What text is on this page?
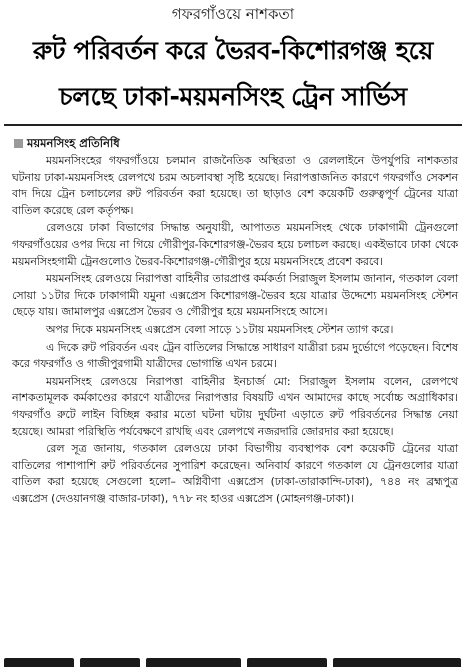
গফরগাঁওয়ে নাশকতা
রুট পরিবর্তন করে ভৈরব-কিশোরগঞ্জ হয়ে
চলছে ঢাকা-ময়মনসিংহ ট্রেন সার্ভিস
ময়মনসিংহ প্রতিনিধি

ময়মনসিংহের গফরগাঁওয়ে চলমান রাজনৈতিক অস্থিরতা ও রেললাইনে উপর্যুপরি নাশকতার ঘটনায় ঢাকা-ময়মনসিংহ রেলপথে চরম অচলাবস্থা সৃষ্টি হয়েছে। নিরাপত্তাজনিত কারণে গফরগাঁও সেকশন বাদ দিয়ে ট্রেন চলাচলের রুট পরিবর্তন করা হয়েছে। তা ছাড়াও বেশ কয়েকটি গুরুত্বপূর্ণ ট্রেনের যাত্রা বাতিল করেছে রেল কর্তৃপক্ষ।

রেলওয়ে ঢাকা বিভাগের সিদ্ধান্ত অনুযায়ী, আপাতত ময়মনসিংহ থেকে ঢাকাগামী ট্রেনগুলো গফরগাঁওয়ের ওপর দিয়ে না গিয়ে গৌরীপুর-কিশোরগঞ্জ-ভৈরব হয়ে চলাচল করছে। একইভাবে ঢাকা থেকে ময়মনসিংহগামী ট্রেনগুলোও ভৈরব-কিশোরগঞ্জ-গৌরীপুর হয়ে ময়মনসিংহে প্রবেশ করবে।

ময়মনসিংহ রেলওয়ে নিরাপত্তা বাহিনীর তারপ্রাপ্ত কর্মকর্তা সিরাজুল ইসলাম জানান, গতকাল বেলা সোয়া ১১টার দিকে ঢাকাগামী যমুনা এক্সপ্রেস কিশোরগঞ্জ-ভৈরব হয়ে যাত্রার উদ্দেশ্যে ময়মনসিংহ স্টেশন ছেড়ে যায়। জামালপুর এক্সপ্রেস ভৈরব ও গৌরীপুর হয়ে ময়মনসিংহে আসে।

অপর দিকে ময়মনসিংহ এক্সপ্রেস বেলা সাড়ে ১১টায় ময়মনসিংহ স্টেশন ত্যাগ করে।

এ দিকে রুট পরিবর্তন এবং ট্রেন বাতিলের সিদ্ধান্তে সাধারণ যাত্রীরা চরম দুর্ভোগে পড়েছেন। বিশেষ করে গফরগাঁও ও গাজীপুরগামী যাত্রীদের ভোগান্তি এখন চরমে।

ময়মনসিংহ রেলওয়ে নিরাপত্তা বাহিনীর ইনচার্জ মো: সিরাজুল ইসলাম বলেন, রেলপথে নাশকতামূলক কর্মকাণ্ডের কারণে যাত্রীদের নিরাপত্তার বিষয়টি এখন আমাদের কাছে সর্বোচ্চ অগ্রাধিকার। গফরগাঁও রুটে লাইন বিচ্ছিন্ন করার মতো ঘটনা ঘটায় দুর্ঘটনা এড়াতে রুট পরিবর্তনের সিদ্ধান্ত নেয়া হয়েছে। আমরা পরিস্থিতি পর্যবেক্ষণে রাখছি এবং রেলপথে নজরদারি জোরদার করা হয়েছে।

রেল সূত্র জানায়, গতকাল রেলওয়ে ঢাকা বিভাগীয় ব্যবস্থাপক বেশ কয়েকটি ট্রেনের যাত্রা বাতিলের পাশাপাশি রুট পরিবর্তনের সুপারিশ করেছেন। অনিবার্য কারণে গতকাল যে ট্রেনগুলোর যাত্রা বাতিল করা হয়েছে সেগুলো হলো– অগ্নিবীণা এক্সপ্রেস (ঢাকা-তারাকান্দি-ঢাকা), ৭৪৪ নং ব্রহ্মপুত্র এক্সপ্রেস (দেওয়ানগঞ্জ বাজার-ঢাকা), ৭৭৮ নং হাওর এক্সপ্রেস (মোহনগঞ্জ-ঢাকা)।
